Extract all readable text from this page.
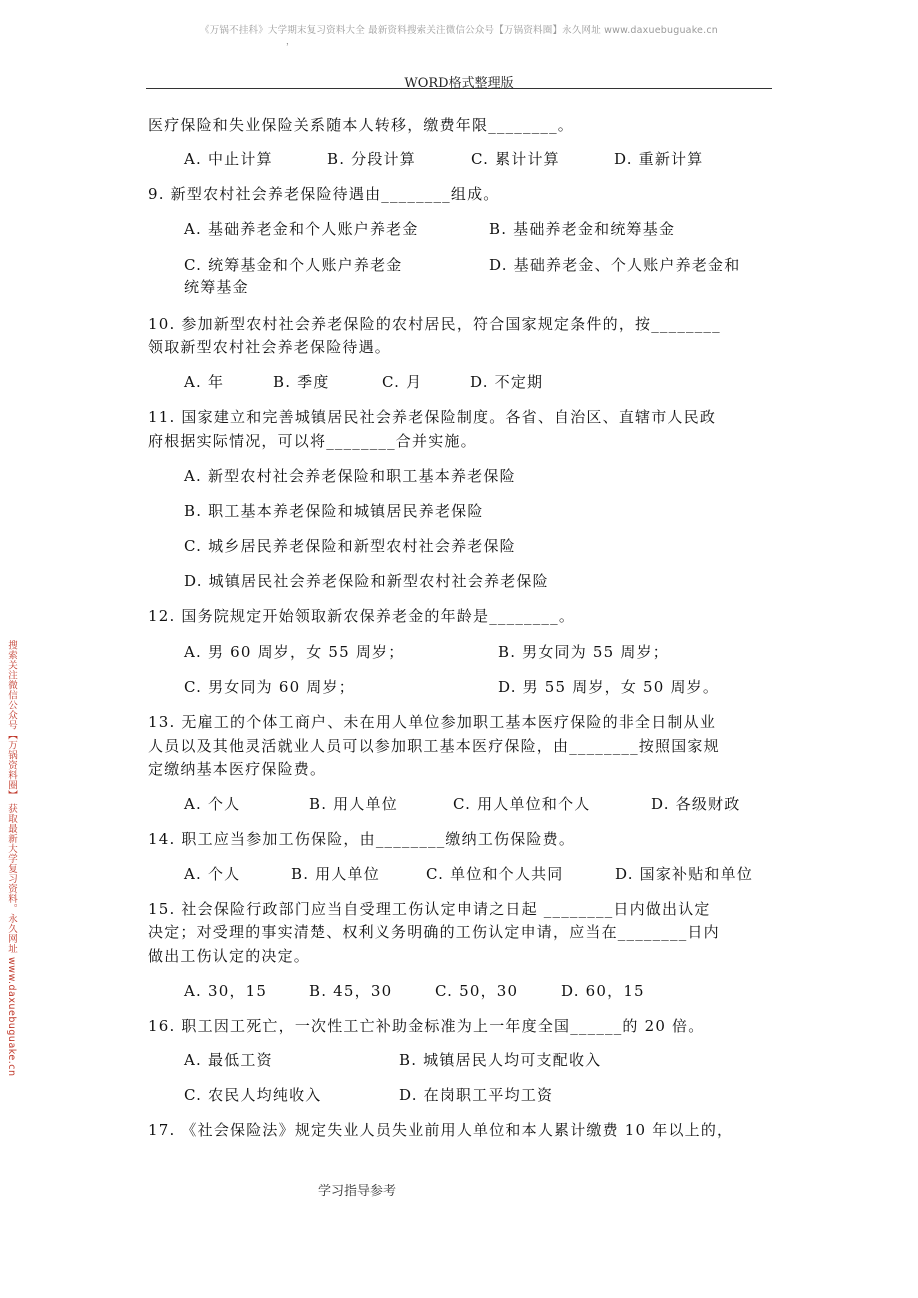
《万锅不挂科》大学期末复习资料大全 最新资料搜索关注微信公众号【万锅资料圈】永久网址 www.daxuebuguake.cn
，
WORD格式整理版
搜索关注微信公众号【万锅资料圈】 获取最新大学复习资料。永久网址 www.daxuebuguake.cn
医疗保险和失业保险关系随本人转移，缴费年限________。
A. 中止计算	B. 分段计算	C. 累计计算	D. 重新计算
9. 新型农村社会养老保险待遇由________组成。
A. 基础养老金和个人账户养老金	B. 基础养老金和统筹基金
C. 统筹基金和个人账户养老金	D. 基础养老金、个人账户养老金和
统筹基金
10. 参加新型农村社会养老保险的农村居民，符合国家规定条件的，按________
领取新型农村社会养老保险待遇。
A. 年	B. 季度	C. 月	D. 不定期
11. 国家建立和完善城镇居民社会养老保险制度。各省、自治区、直辖市人民政
府根据实际情况，可以将________合并实施。
A. 新型农村社会养老保险和职工基本养老保险
B. 职工基本养老保险和城镇居民养老保险
C. 城乡居民养老保险和新型农村社会养老保险
D. 城镇居民社会养老保险和新型农村社会养老保险
12. 国务院规定开始领取新农保养老金的年龄是________。
A. 男 60 周岁，女 55 周岁；	B. 男女同为 55 周岁；
C. 男女同为 60 周岁；	D. 男 55 周岁，女 50 周岁。
13. 无雇工的个体工商户、未在用人单位参加职工基本医疗保险的非全日制从业
人员以及其他灵活就业人员可以参加职工基本医疗保险，由________按照国家规
定缴纳基本医疗保险费。
A. 个人	B. 用人单位	C. 用人单位和个人	D. 各级财政
14. 职工应当参加工伤保险，由________缴纳工伤保险费。
A. 个人	B. 用人单位	C. 单位和个人共同	D. 国家补贴和单位
15. 社会保险行政部门应当自受理工伤认定申请之日起 ________日内做出认定
决定；对受理的事实清楚、权利义务明确的工伤认定申请，应当在________日内
做出工伤认定的决定。
A. 30，15	B. 45，30	C. 50，30	D. 60，15
16. 职工因工死亡，一次性工亡补助金标准为上一年度全国______的 20 倍。
A. 最低工资	B. 城镇居民人均可支配收入
C. 农民人均纯收入	D. 在岗职工平均工资
17. 《社会保险法》规定失业人员失业前用人单位和本人累计缴费 10 年以上的，
学习指导参考
